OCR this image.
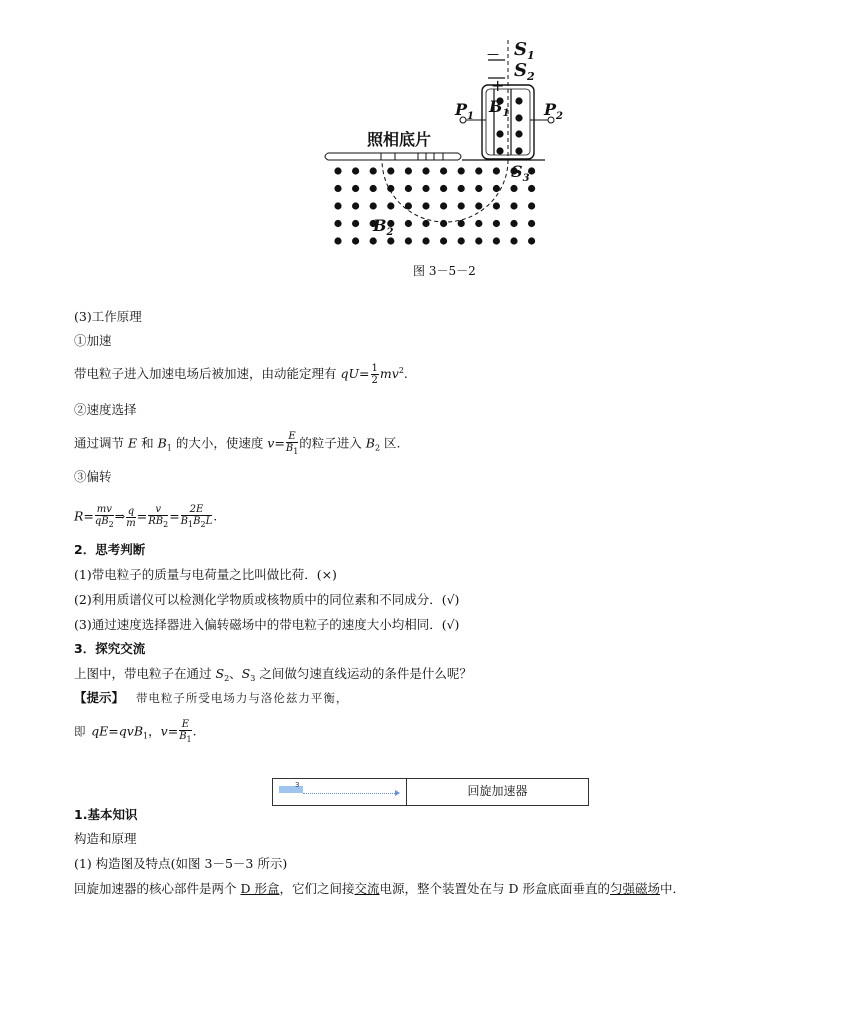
$S_1$
$S_2$
$S_3$
$P_1$	$P_2$
$B_1$
$B_2$
—
+
照相底片
图 3－5－2
(3)工作原理
①加速
带电粒子进入加速电场后被加速，由动能定理有 $qU= \frac{1}{2} mv^2$.
②速度选择
通过调节 E 和 $B_1$ 的大小，使速度 $v= \frac{E}{B_1}$ 的粒子进入 $B_2$ 区.
③偏转
$R= \frac{mv}{qB_2}$ ⇒ $\frac{q}{m} = \frac{v}{RB_2} = \frac{2E}{B_1B_2L}$ .
2．思考判断
(1)带电粒子的质量与电荷量之比叫做比荷．(×)
(2)利用质谱仪可以检测化学物质或核物质中的同位素和不同成分．(√)
(3)通过速度选择器进入偏转磁场中的带电粒子的速度大小均相同．(√)
3．探究交流
上图中，带电粒子在通过 $S_2$、$S_3$ 之间做匀速直线运动的条件是什么呢？
【提示】 带电粒子所受电场力与洛伦兹力平衡，
即 qE=qvB$_1$，$v= \frac{E}{B_1}$ .
3	回旋加速器
1.基本知识
构造和原理
(1) 构造图及特点(如图 3－5－3 所示)
回旋加速器的核心部件是两个 D 形盒，它们之间接交流电源，整个装置处在与 D 形盒底面垂直的匀强磁场中．
